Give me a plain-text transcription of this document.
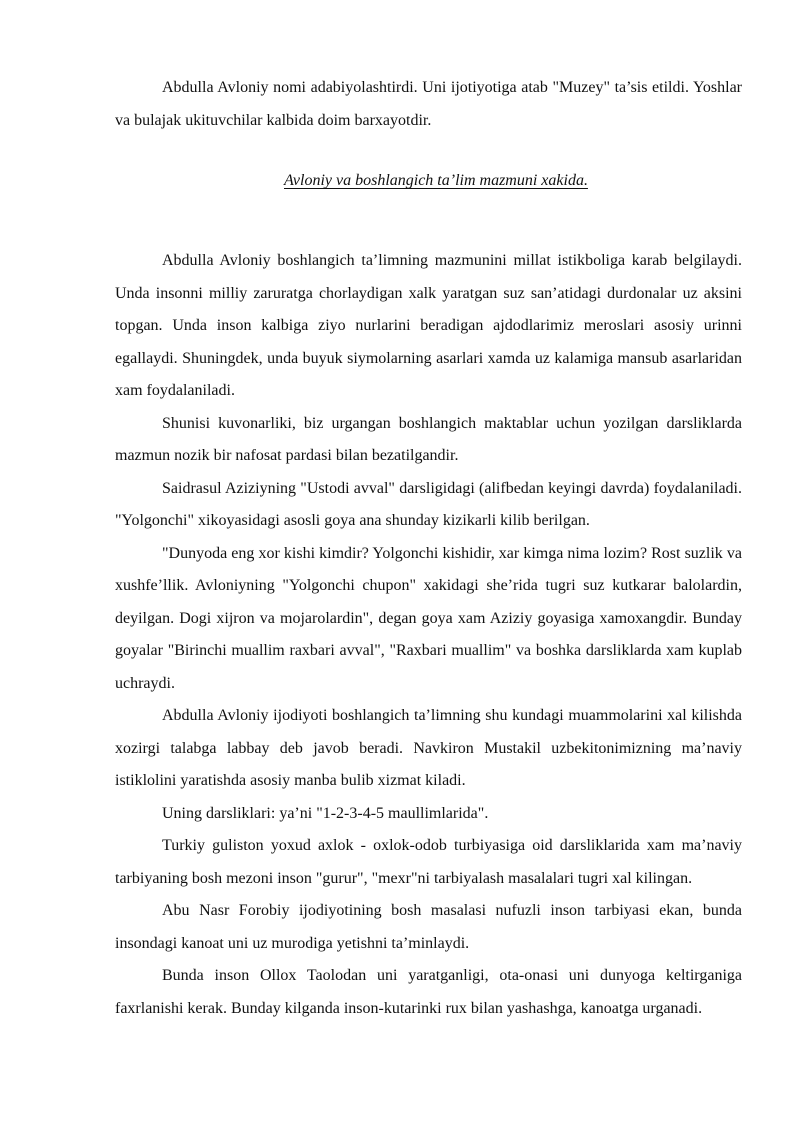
Abdulla Avloniy nomi adabiyolashtirdi. Uni ijotiyotiga atab "Muzey" ta’sis etildi. Yoshlar va bulajak ukituvchilar kalbida doim barxayotdir.

Avloniy va boshlangich ta’lim mazmuni xakida.

Abdulla Avloniy boshlangich ta’limning mazmunini millat istikboliga karab belgilaydi. Unda insonni milliy zaruratga chorlaydigan xalk yaratgan suz san’atidagi durdonalar uz aksini topgan. Unda inson kalbiga ziyo nurlarini beradigan ajdodlarimiz meroslari asosiy urinni egallaydi. Shuningdek, unda buyuk siymolarning asarlari xamda uz kalamiga mansub asarlaridan xam foydalaniladi.

Shunisi kuvonarliki, biz urgangan boshlangich maktablar uchun yozilgan darsliklarda mazmun nozik bir nafosat pardasi bilan bezatilgandir.

Saidrasul Aziziyning "Ustodi avval" darsligidagi (alifbedan keyingi davrda) foydalaniladi. "Yolgonchi" xikoyasidagi asosli goya ana shunday kizikarli kilib berilgan.

"Dunyoda eng xor kishi kimdir? Yolgonchi kishidir, xar kimga nima lozim? Rost suzlik va xushfe’llik. Avloniyning "Yolgonchi chupon" xakidagi she’rida tugri suz kutkarar balolardin, deyilgan. Dogi xijron va mojarolardin", degan goya xam Aziziy goyasiga xamoxangdir. Bunday goyalar "Birinchi muallim raxbari avval", "Raxbari muallim" va boshka darsliklarda xam kuplab uchraydi.

Abdulla Avloniy ijodiyoti boshlangich ta’limning shu kundagi muammolarini xal kilishda xozirgi talabga labbay deb javob beradi. Navkiron Mustakil uzbekitonimizning ma’naviy istiklolini yaratishda asosiy manba bulib xizmat kiladi.

Uning darsliklari: ya’ni "1-2-3-4-5 maullimlarida".

Turkiy guliston yoxud axlok - oxlok-odob turbiyasiga oid darsliklarida xam ma’naviy tarbiyaning bosh mezoni inson "gurur", "mexr"ni tarbiyalash masalalari tugri xal kilingan.

Abu Nasr Forobiy ijodiyotining bosh masalasi nufuzli inson tarbiyasi ekan, bunda insondagi kanoat uni uz murodiga yetishni ta’minlaydi.

Bunda inson Ollox Taolodan uni yaratganligi, ota-onasi uni dunyoga keltirganiga faxrlanishi kerak. Bunday kilganda inson-kutarinki rux bilan yashashga, kanoatga urganadi.
